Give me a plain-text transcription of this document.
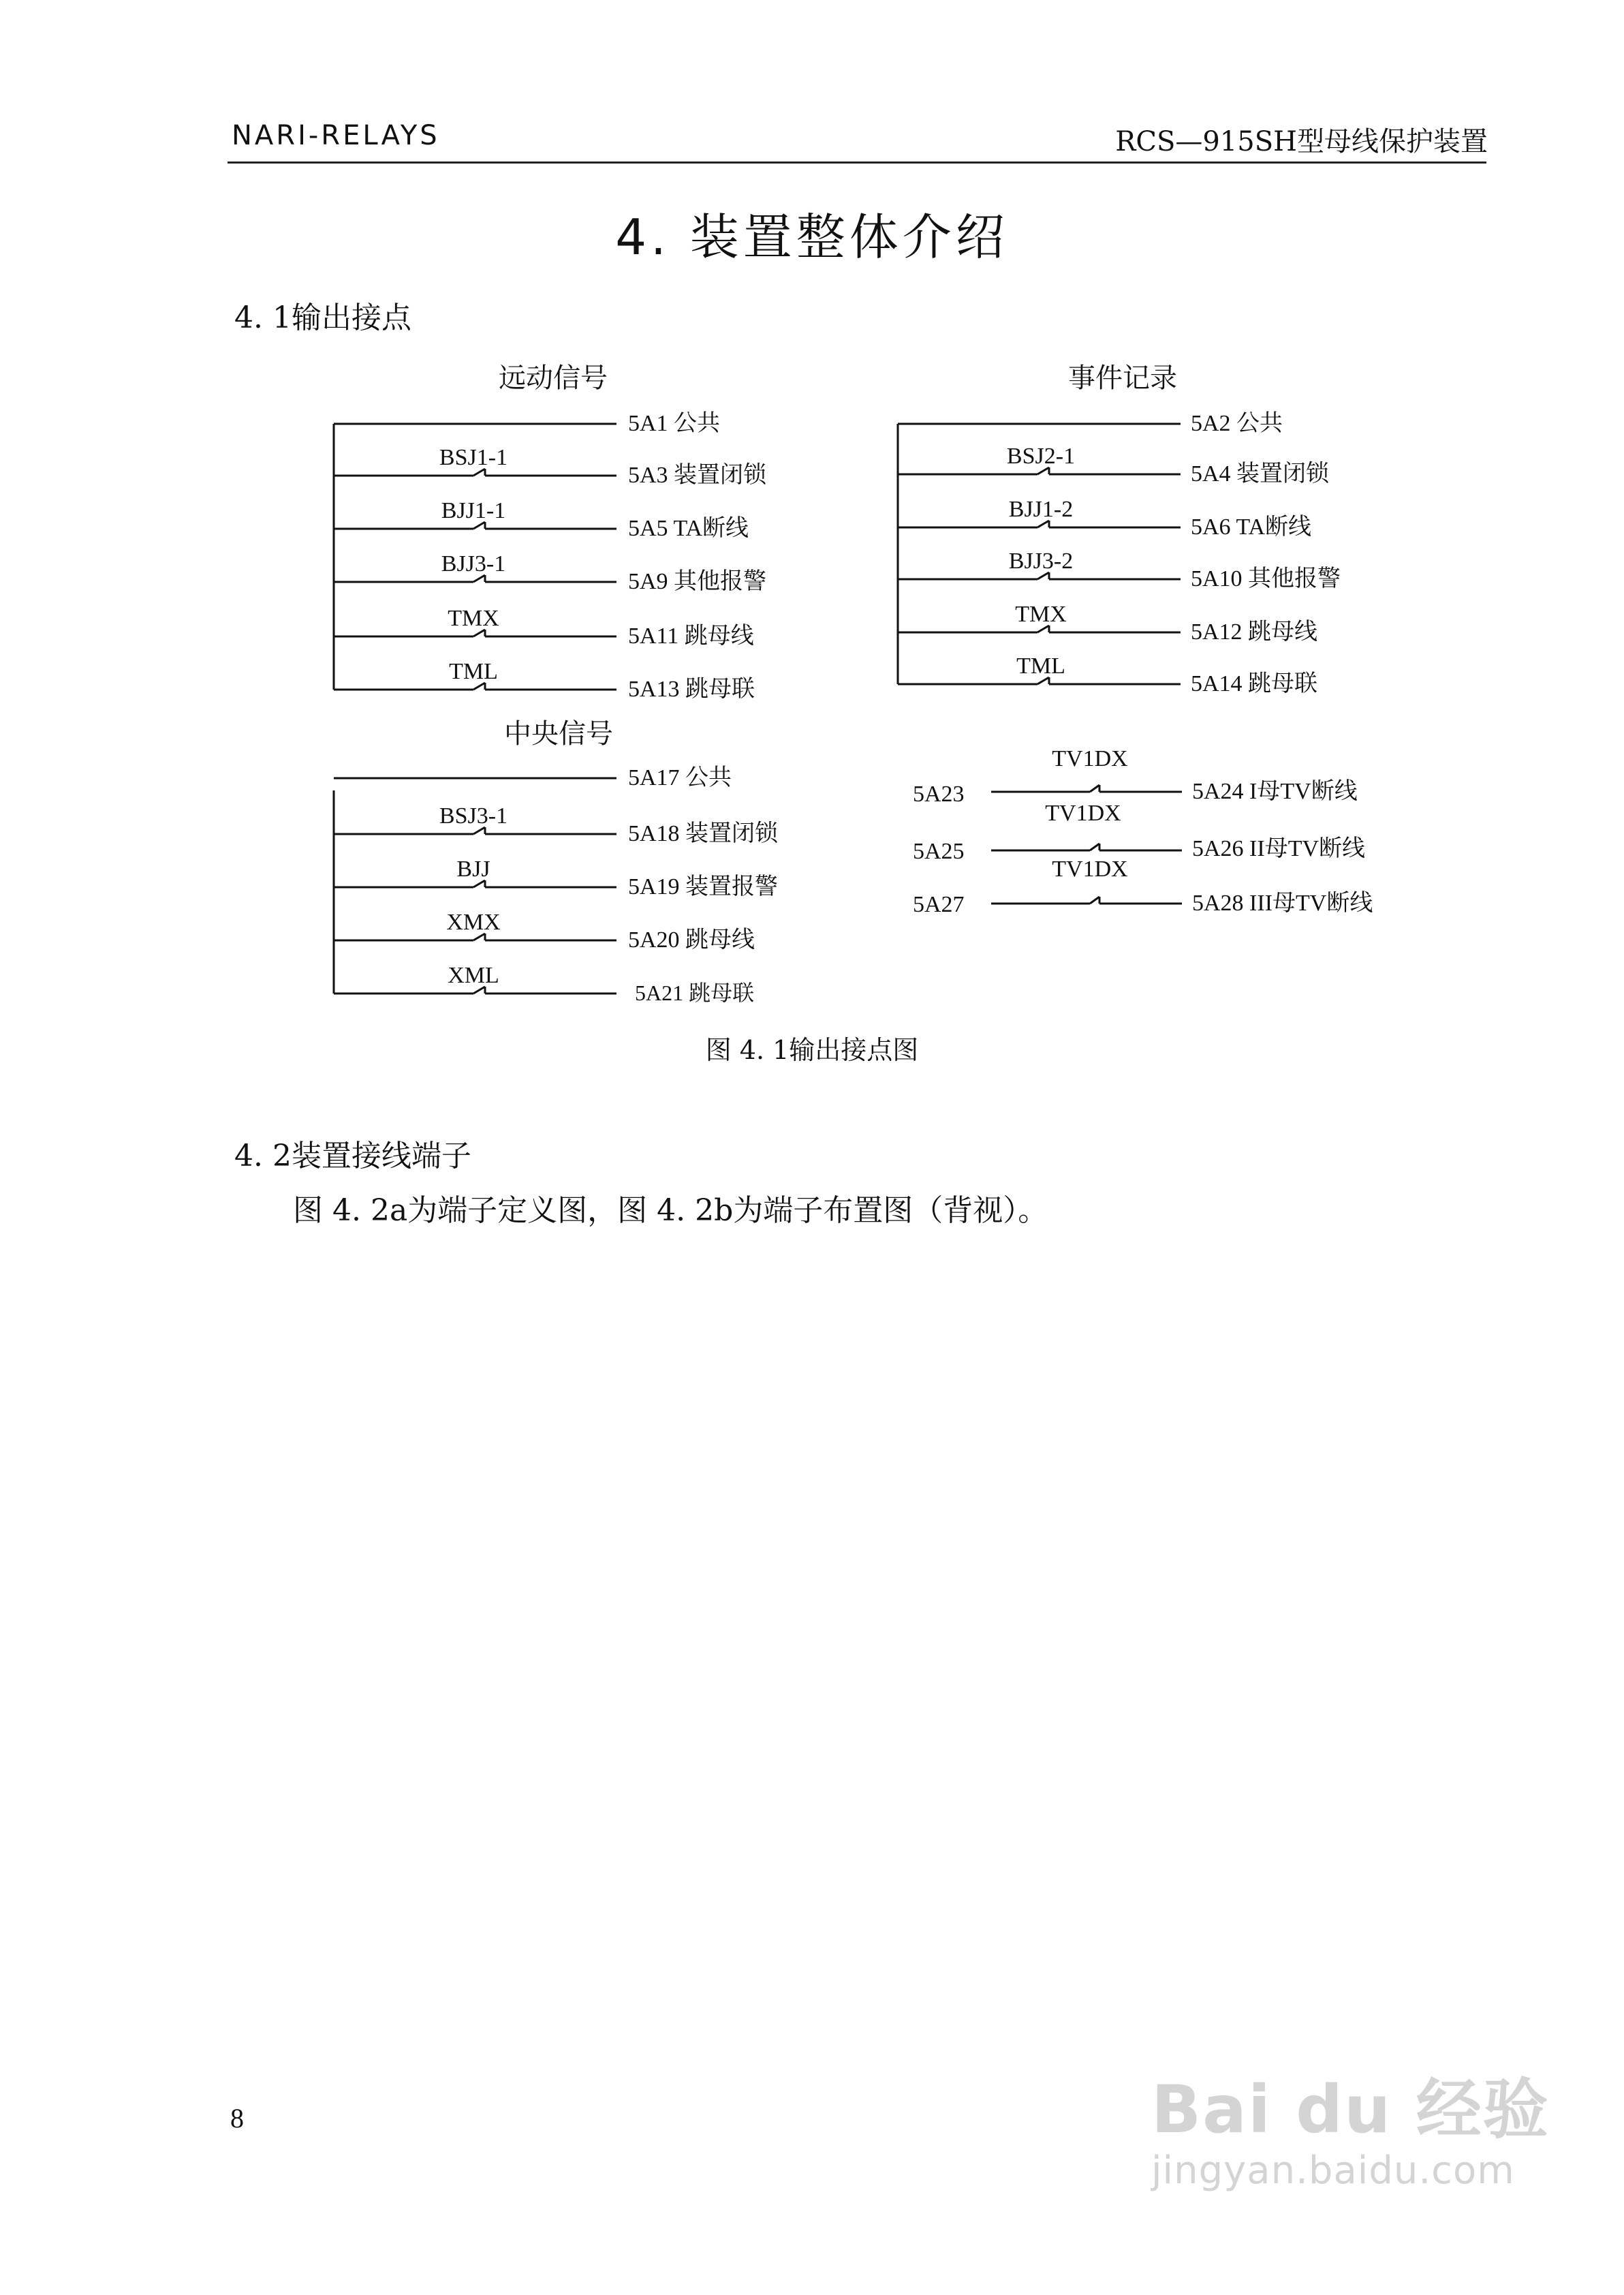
NARI-RELAYS	RCS—915SH型母线保护装置
4. 装置整体介绍
4. 1输出接点
远动信号	事件记录
中央信号
5A1 公共
BSJ1-1
5A3 装置闭锁
BJJ1-1
5A5 TA断线
BJJ3-1
5A9 其他报警
TMX
5A11 跳母线
TML
5A13 跳母联
5A2 公共
BSJ2-1
5A4 装置闭锁
BJJ1-2
5A6 TA断线
BJJ3-2
5A10 其他报警
TMX
5A12 跳母线
TML
5A14 跳母联
5A17 公共
BSJ3-1
5A18 装置闭锁
BJJ
5A19 装置报警
XMX
5A20 跳母线
XML
5A21 跳母联
5A23
TV1DX
5A24 I母TV断线
5A25
TV1DX
5A26 II母TV断线
5A27
TV1DX
5A28 III母TV断线
图 4. 1输出接点图
4. 2装置接线端子
图 4. 2a为端子定义图，图 4. 2b为端子布置图（背视）。
8	Bai du 经验
jingyan.baidu.com
